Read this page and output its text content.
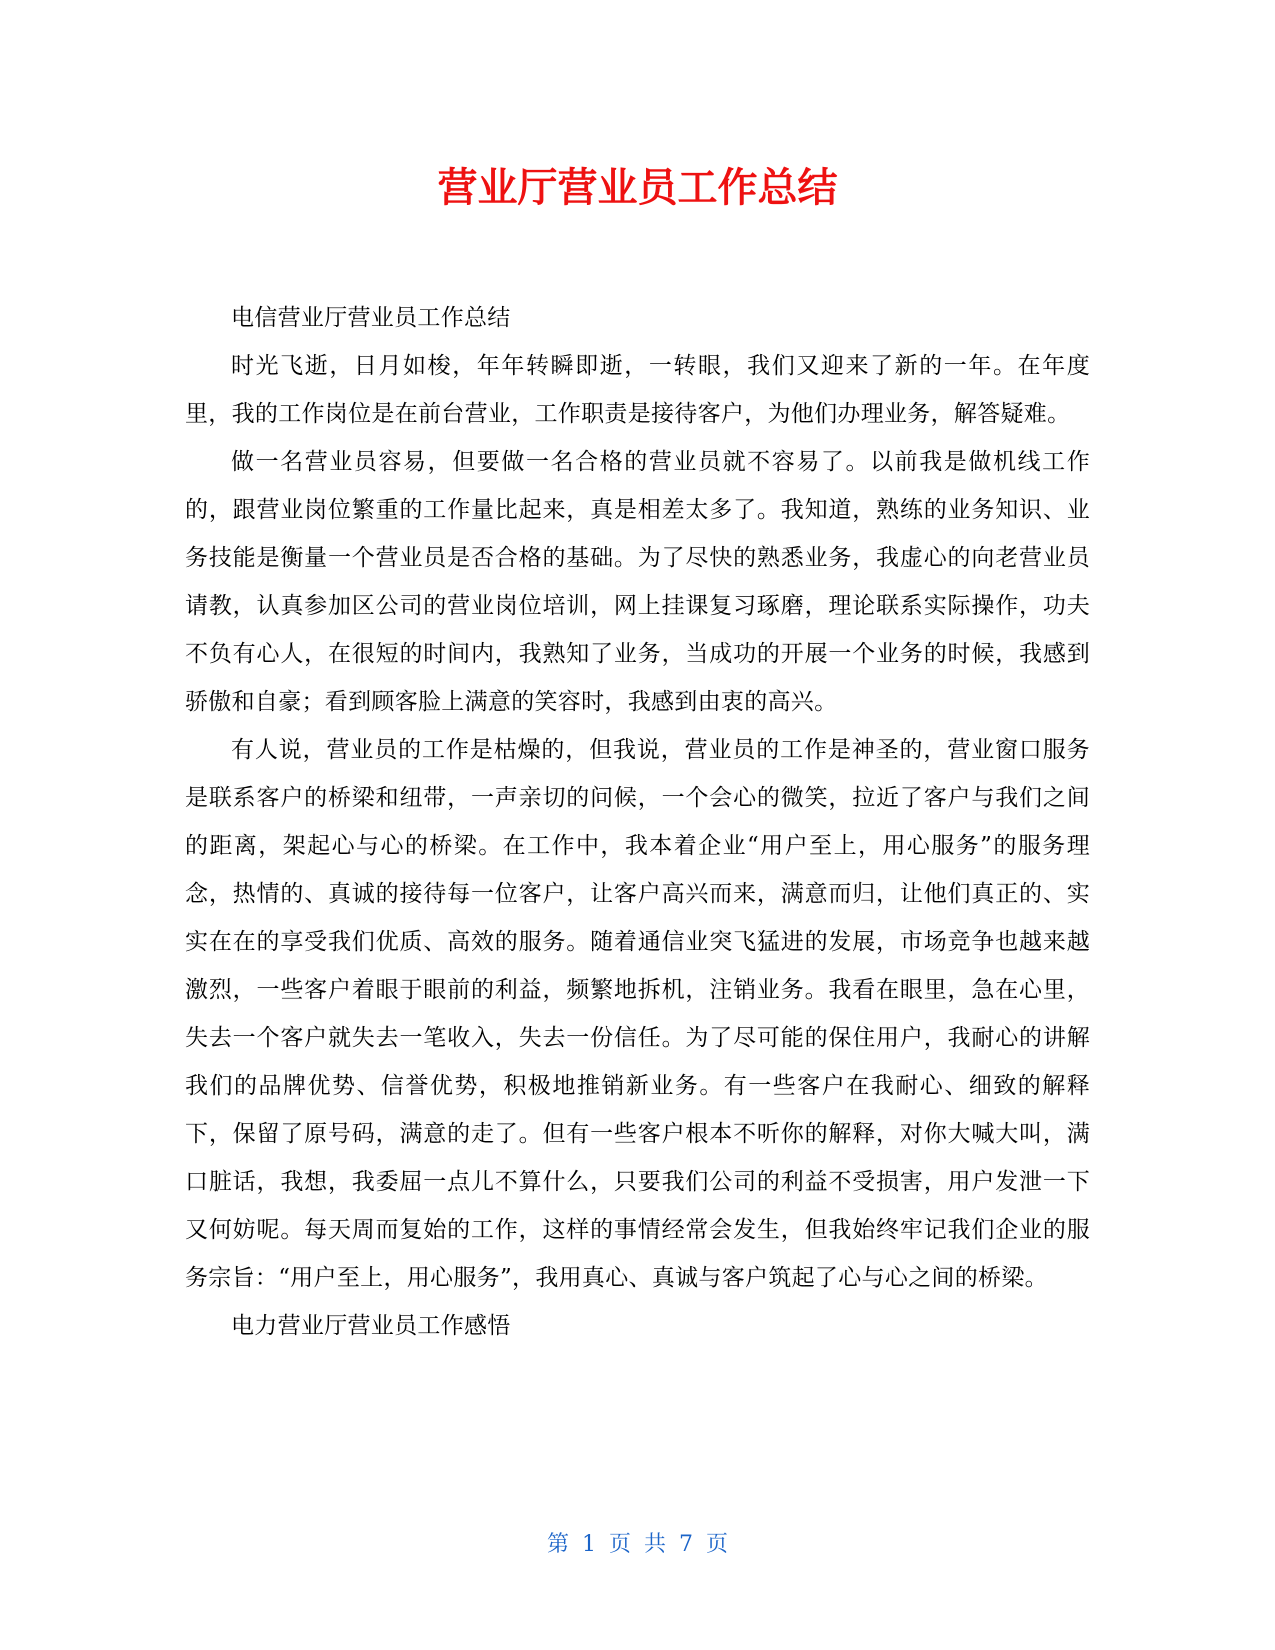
营业厅营业员工作总结

电信营业厅营业员工作总结

时光飞逝，日月如梭，年年转瞬即逝，一转眼，我们又迎来了新的一年。在年度里，我的工作岗位是在前台营业，工作职责是接待客户，为他们办理业务，解答疑难。

做一名营业员容易，但要做一名合格的营业员就不容易了。以前我是做机线工作的，跟营业岗位繁重的工作量比起来，真是相差太多了。我知道，熟练的业务知识、业务技能是衡量一个营业员是否合格的基础。为了尽快的熟悉业务，我虚心的向老营业员请教，认真参加区公司的营业岗位培训，网上挂课复习琢磨，理论联系实际操作，功夫不负有心人，在很短的时间内，我熟知了业务，当成功的开展一个业务的时候，我感到骄傲和自豪；看到顾客脸上满意的笑容时，我感到由衷的高兴。

有人说，营业员的工作是枯燥的，但我说，营业员的工作是神圣的，营业窗口服务是联系客户的桥梁和纽带，一声亲切的问候，一个会心的微笑，拉近了客户与我们之间的距离，架起心与心的桥梁。在工作中，我本着企业“用户至上，用心服务”的服务理念，热情的、真诚的接待每一位客户，让客户高兴而来，满意而归，让他们真正的、实实在在的享受我们优质、高效的服务。随着通信业突飞猛进的发展，市场竞争也越来越激烈，一些客户着眼于眼前的利益，频繁地拆机，注销业务。我看在眼里，急在心里，失去一个客户就失去一笔收入，失去一份信任。为了尽可能的保住用户，我耐心的讲解我们的品牌优势、信誉优势，积极地推销新业务。有一些客户在我耐心、细致的解释下，保留了原号码，满意的走了。但有一些客户根本不听你的解释，对你大喊大叫，满口脏话，我想，我委屈一点儿不算什么，只要我们公司的利益不受损害，用户发泄一下又何妨呢。每天周而复始的工作，这样的事情经常会发生，但我始终牢记我们企业的服务宗旨：“用户至上，用心服务”，我用真心、真诚与客户筑起了心与心之间的桥梁。

电力营业厅营业员工作感悟

第 1 页 共 7 页
